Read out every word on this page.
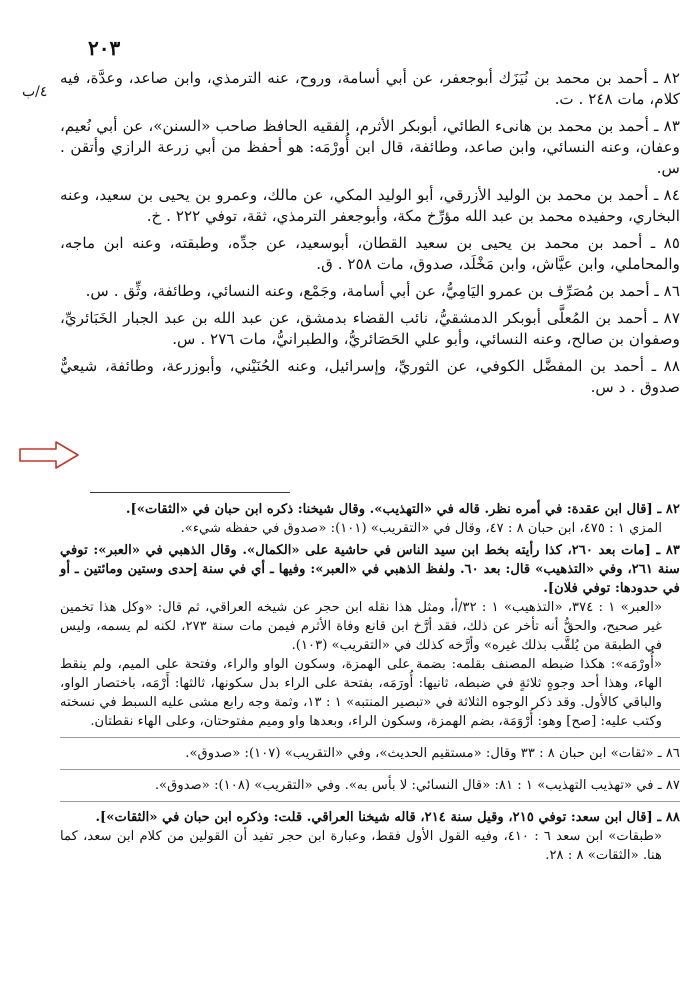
٢٠٣
٤/ب

٨٢ ـ أحمد بن محمد بن نُيَزَك أبوجعفر، عن أبي أسامة، وروح، عنه الترمذي، وابن صاعد، وعدَّة، فيه كلام، مات ٢٤٨ . ت.

٨٣ ـ أحمد بن محمد بن هانىء الطائي، أبوبكر الأثرم، الفقيه الحافظ صاحب «السنن»، عن أبي نُعيم، وعفان، وعنه النسائي، وابن صاعد، وطائفة، قال ابن أُورْمَه: هو أحفظ من أبي زرعة الرازي وأتقن . س.

٨٤ ـ أحمد بن محمد بن الوليد الأزرقي، أبو الوليد المكي، عن مالك، وعمرو بن يحيى بن سعيد، وعنه البخاري، وحفيده محمد بن عبد الله مؤرِّخ مكة، وأبوجعفر الترمذي، ثقة، توفي ٢٢٢ . خ.

٨٥ ـ أحمد بن محمد بن يحيى بن سعيد القطان، أبوسعيد، عن جدِّه، وطبقته، وعنه ابن ماجه، والمحاملي، وابن عيَّاش، وابن مَخْلَد، صدوق، مات ٢٥٨ . ق.

٨٦ ـ أحمد بن مُصَرِّف بن عمرو اليَامِيُّ، عن أبي أسامة، وجَمْع، وعنه النسائي، وطائفة، وثِّق . س.

٨٧ ـ أحمد بن المُعلَّى أبوبكر الدمشقيُّ، نائب القضاء بدمشق، عن عبد الله بن عبد الجبار الخَبَائريِّ، وصفوان بن صالح، وعنه النسائي، وأبو علي الحَصَائريُّ، والطبرانيُّ، مات ٢٧٦ . س.

٨٨ ـ أحمد بن المفضَّل الكوفي، عن الثوريِّ، وإسرائيل، وعنه الحُنَيْني، وأبوزرعة، وطائفة، شيعيٌّ صدوق . د س.

٨٢ ـ [قال ابن عقدة: في أمره نظر. قاله في «التهذيب». وقال شيخنا: ذكره ابن حبان في «الثقات»].
المزي ١ : ٤٧٥، ابن حبان ٨ : ٤٧، وقال في «التقريب» (١٠١): «صدوق في حفظه شيء».
٨٣ ـ [مات بعد ٢٦٠، كذا رأيته بخط ابن سيد الناس في حاشية على «الكمال». وقال الذهبي في «العبر»: توفي سنة ٢٦١، وفي «التذهيب» قال: بعد ٦٠. ولفظ الذهبي في «العبر»: وفيها ـ أي في سنة إحدى وستين ومائتين ـ أو في حدودها: توفي فلان].
«العبر» ١ : ٣٧٤، «التذهيب» ١ : ٣٢/أ، ومثل هذا نقله ابن حجر عن شيخه العراقي، ثم قال: «وكل هذا تخمين غير صحيح، والحقُّ أنه تأخر عن ذلك، فقد أرَّخ ابن قانع وفاة الأثرم فيمن مات سنة ٢٧٣، لكنه لم يسمه، وليس في الطبقة من يُلقَّب بذلك غيره» وأرَّخه كذلك في «التقريب» (١٠٣).
«أُورْمَه»: هكذا ضبطه المصنف بقلمه: بضمة على الهمزة، وسكون الواو والراء، وفتحة على الميم، ولم ينقط الهاء، وهذا أحد وجوهٍ ثلاثةٍ في ضبطه، ثانيها: أُورَمَه، بفتحة على الراء بدل سكونها، ثالثها: أَرْمَه، باختصار الواو، والباقي كالأول. وقد ذكر الوجوه الثلاثة في «تبصير المنتبه» ١ : ١٣، وثمة وجه رابع مشى عليه السبط في نسخته وكتب عليه: [صح] وهو: أُرْوَمَة، بضم الهمزة، وسكون الراء، وبعدها واو وميم مفتوحتان، وعلى الهاء نقطتان.
٨٦ ـ «ثقات» ابن حبان ٨ : ٣٣ وقال: «مستقيم الحديث»، وفي «التقريب» (١٠٧): «صدوق».
٨٧ ـ في «تهذيب التهذيب» ١ : ٨١: «قال النسائي: لا بأس به». وفي «التقريب» (١٠٨): «صدوق».
٨٨ ـ [قال ابن سعد: توفي ٢١٥، وقيل سنة ٢١٤، قاله شيخنا العراقي. قلت: وذكره ابن حبان في «الثقات»].
«طبقات» ابن سعد ٦ : ٤١٠، وفيه القول الأول فقط، وعبارة ابن حجر تفيد أن القولين من كلام ابن سعد، كما هنا. «الثقات» ٨ : ٢٨.
